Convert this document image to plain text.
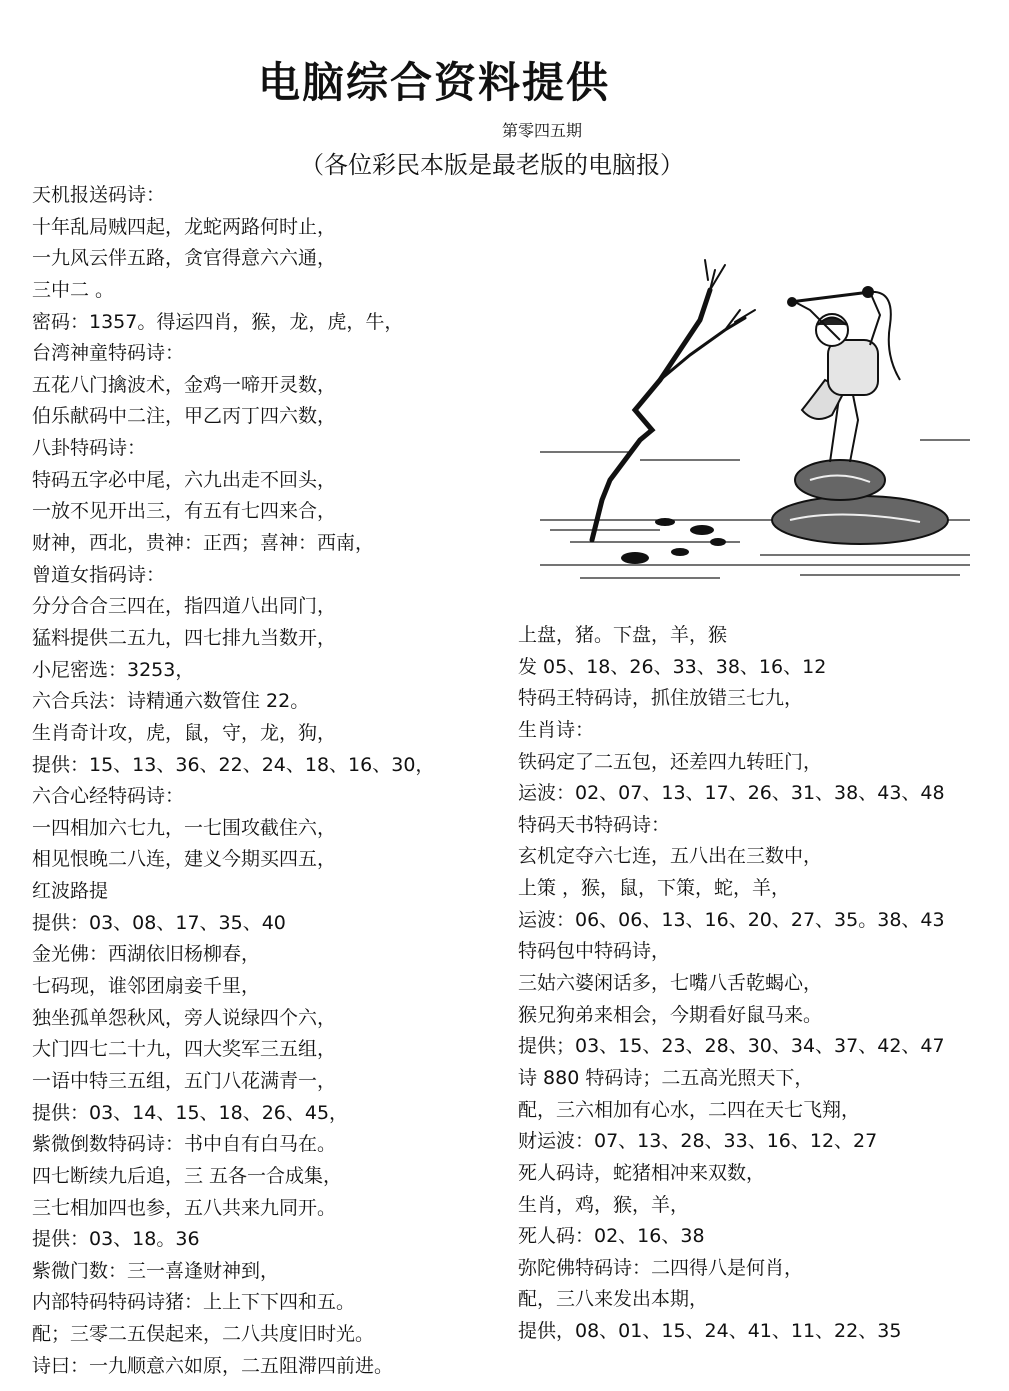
电脑综合资料提供
第零四五期
（各位彩民本版是最老版的电脑报）
天机报送码诗：
十年乱局贼四起，龙蛇两路何时止，
一九风云伴五路，贪官得意六六通，
三中二 。
密码：1357。得运四肖，猴，龙，虎，牛，
台湾神童特码诗：
五花八门擒波术，金鸡一啼开灵数，
伯乐献码中二注，甲乙丙丁四六数，
八卦特码诗：
特码五字必中尾，六九出走不回头，
一放不见开出三，有五有七四来合，
财神，西北，贵神：正西；喜神：西南，
曾道女指码诗：
分分合合三四在，指四道八出同门，
猛料提供二五九，四七排九当数开，
小尼密选：3253，
六合兵法：诗精通六数管住 22。
生肖奇计攻，虎，鼠，守，龙，狗，
提供：15、13、36、22、24、18、16、30，
六合心经特码诗：
一四相加六七九，一七围攻截住六，
相见恨晚二八连，建义今期买四五，
红波路提
提供：03、08、17、35、40
金光佛：西湖依旧杨柳春，
七码现，谁邻团扇妾千里，
独坐孤单怨秋风，旁人说绿四个六，
大门四七二十九，四大奖军三五组，
一语中特三五组，五门八花满青一，
提供：03、14、15、18、26、45，
紫微倒数特码诗：书中自有白马在。
四七断续九后追，三 五各一合成集，
三七相加四也参，五八共来九同开。
提供：03、18。36
紫微门数：三一喜逢财神到，
内部特码特码诗猪：上上下下四和五。
配；三零二五俣起来，二八共度旧时光。
诗曰：一九顺意六如原，二五阻滞四前进。
上盘，猪。下盘，羊，猴
发 05、18、26、33、38、16、12
特码王特码诗，抓住放错三七九，
生肖诗：
铁码定了二五包，还差四九转旺门，
运波：02、07、13、17、26、31、38、43、48
特码天书特码诗：
玄机定夺六七连，五八出在三数中，
上策 ，猴，鼠，下策，蛇，羊，
运波：06、06、13、16、20、27、35。38、43
特码包中特码诗，
三姑六婆闲话多，七嘴八舌乾蝎心，
猴兄狗弟来相会，今期看好鼠马来。
提供；03、15、23、28、30、34、37、42、47
诗 880 特码诗；二五高光照天下，
配，三六相加有心水，二四在天七飞翔，
财运波：07、13、28、33、16、12、27
死人码诗，蛇猪相冲来双数，
生肖，鸡，猴，羊，
死人码：02、16、38
弥陀佛特码诗：二四得八是何肖，
配，三八来发出本期，
提供，08、01、15、24、41、11、22、35
